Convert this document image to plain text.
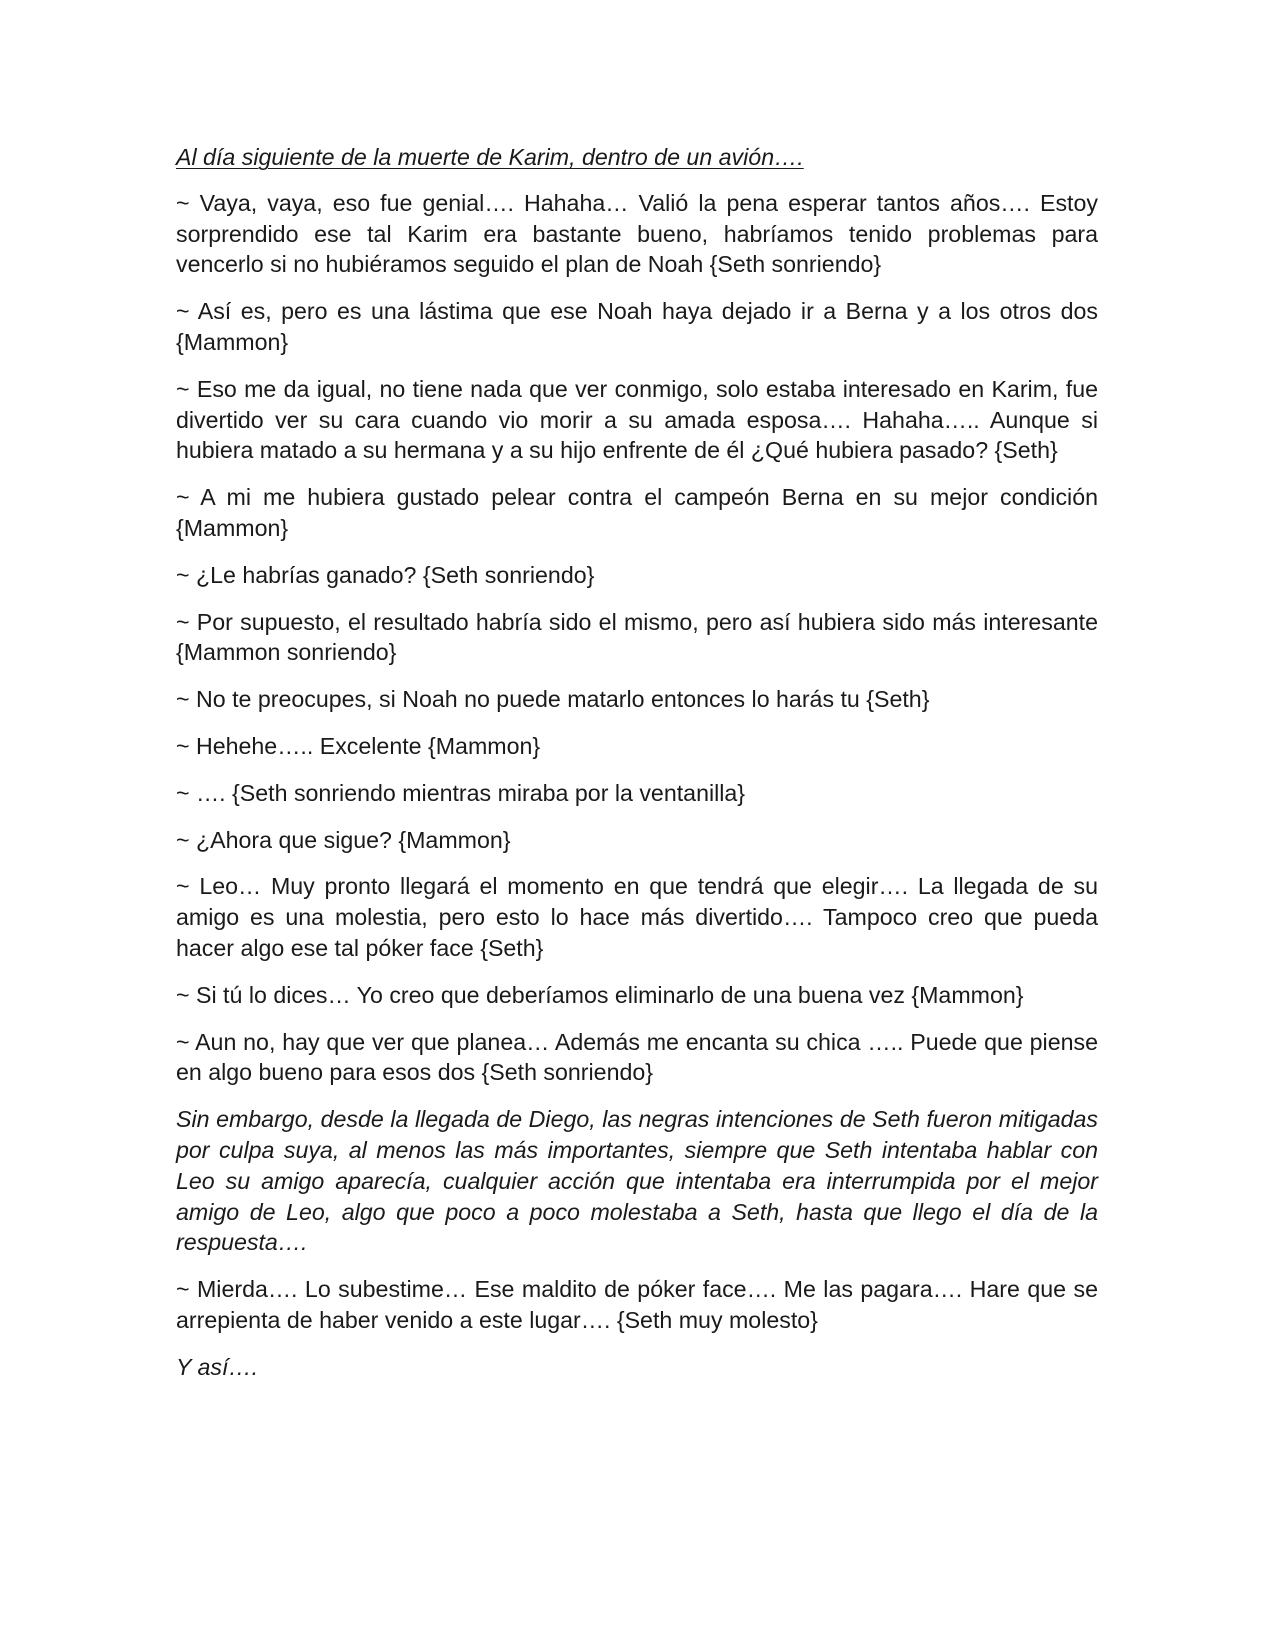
Al día siguiente de la muerte de Karim, dentro de un avión….

~ Vaya, vaya, eso fue genial…. Hahaha… Valió la pena esperar tantos años…. Estoy sorprendido ese tal Karim era bastante bueno, habríamos tenido problemas para vencerlo si no hubiéramos seguido el plan de Noah {Seth sonriendo}

~ Así es, pero es una lástima que ese Noah haya dejado ir a Berna y a los otros dos {Mammon}

~ Eso me da igual, no tiene nada que ver conmigo, solo estaba interesado en Karim, fue divertido ver su cara cuando vio morir a su amada esposa…. Hahaha….. Aunque si hubiera matado a su hermana y a su hijo enfrente de él ¿Qué hubiera pasado? {Seth}

~ A mi me hubiera gustado pelear contra el campeón Berna en su mejor condición {Mammon}

~ ¿Le habrías ganado? {Seth sonriendo}

~ Por supuesto, el resultado habría sido el mismo, pero así hubiera sido más interesante {Mammon sonriendo}

~ No te preocupes, si Noah no puede matarlo entonces lo harás tu {Seth}

~ Hehehe….. Excelente {Mammon}

~ …. {Seth sonriendo mientras miraba por la ventanilla}

~ ¿Ahora que sigue? {Mammon}

~ Leo… Muy pronto llegará el momento en que tendrá que elegir…. La llegada de su amigo es una molestia, pero esto lo hace más divertido…. Tampoco creo que pueda hacer algo ese tal póker face {Seth}

~ Si tú lo dices… Yo creo que deberíamos eliminarlo de una buena vez {Mammon}

~ Aun no, hay que ver que planea… Además me encanta su chica ….. Puede que piense en algo bueno para esos dos {Seth sonriendo}

Sin embargo, desde la llegada de Diego, las negras intenciones de Seth fueron mitigadas por culpa suya, al menos las más importantes, siempre que Seth intentaba hablar con Leo su amigo aparecía, cualquier acción que intentaba era interrumpida por el mejor amigo de Leo, algo que poco a poco molestaba a Seth, hasta que llego el día de la respuesta….

~ Mierda…. Lo subestime… Ese maldito de póker face…. Me las pagara…. Hare que se arrepienta de haber venido a este lugar…. {Seth muy molesto}

Y así….
